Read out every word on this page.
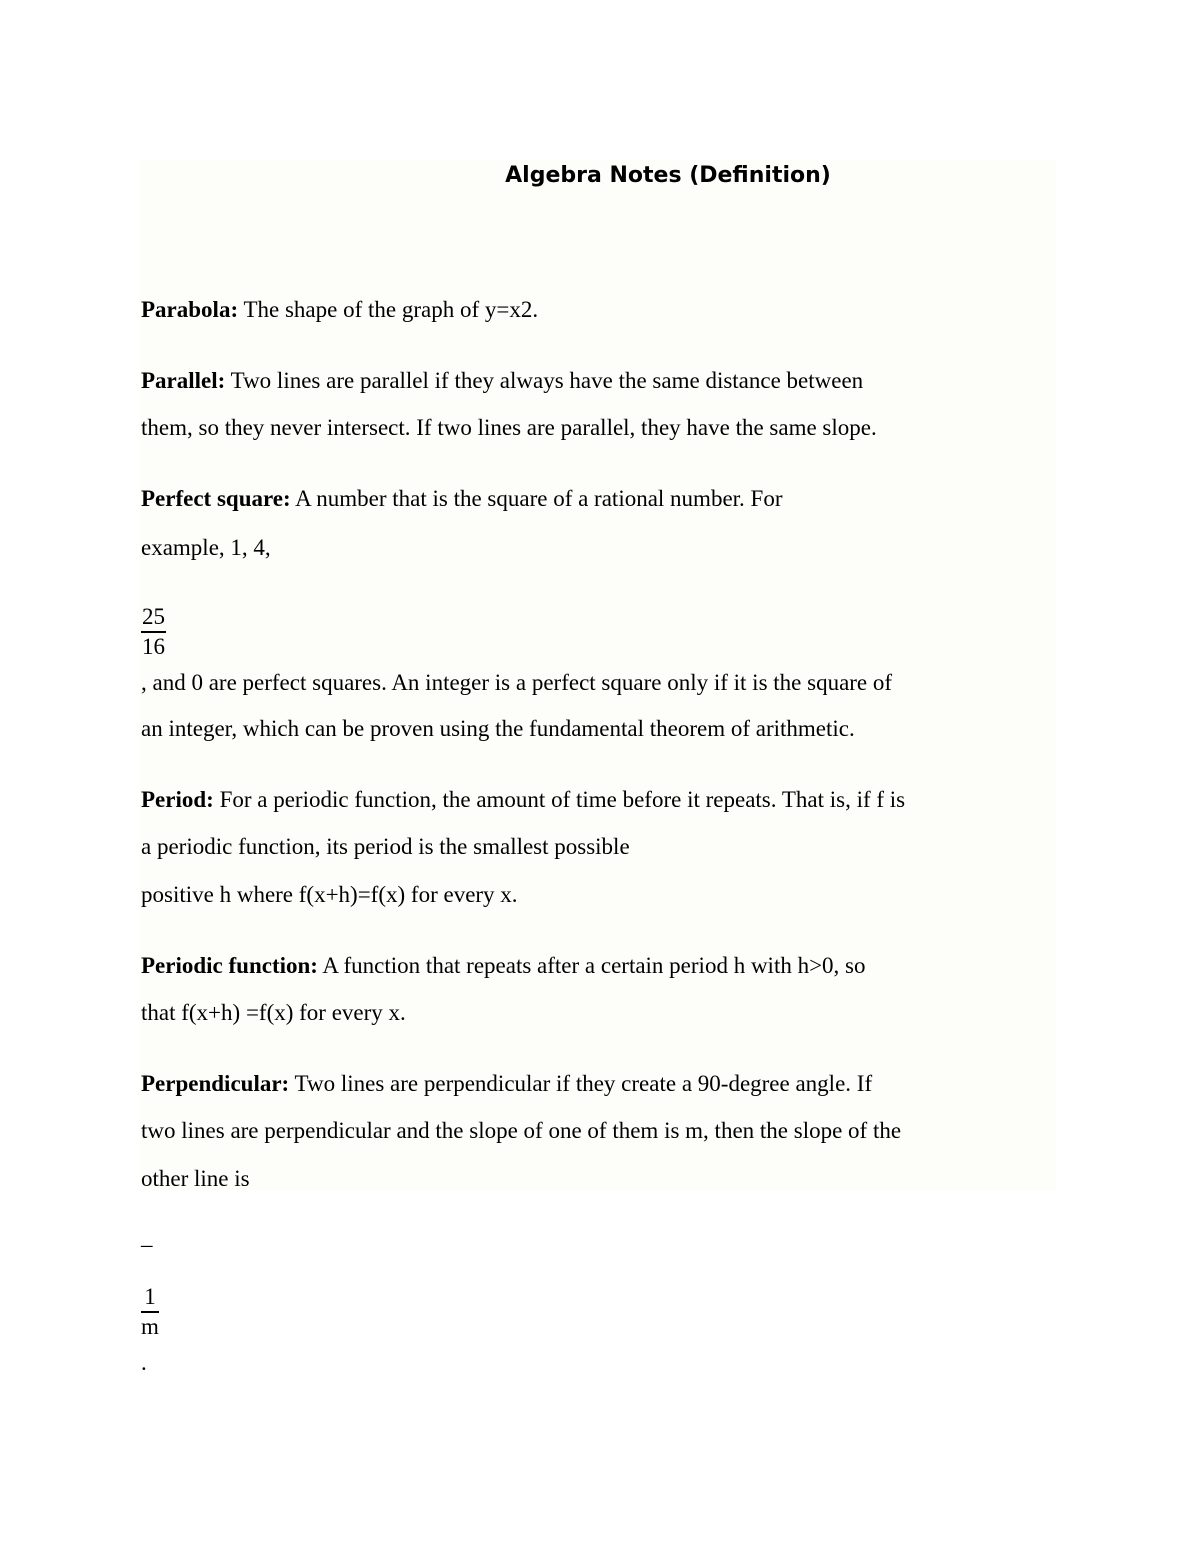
Algebra Notes (Definition)
Parabola: The shape of the graph of y=x2.
Parallel: Two lines are parallel if they always have the same distance between
them, so they never intersect. If two lines are parallel, they have the same slope.
Perfect square: A number that is the square of a rational number. For
example, 1, 4,
$\frac{25}{16}$
, and 0 are perfect squares. An integer is a perfect square only if it is the square of
an integer, which can be proven using the fundamental theorem of arithmetic.
Period: For a periodic function, the amount of time before it repeats. That is, if f is
a periodic function, its period is the smallest possible
positive h where f(x+h)=f(x) for every x.
Periodic function: A function that repeats after a certain period h with h>0, so
that f(x+h) =f(x) for every x.
Perpendicular: Two lines are perpendicular if they create a 90-degree angle. If
two lines are perpendicular and the slope of one of them is m, then the slope of the
other line is
–
$\frac{1}{m}$
.
